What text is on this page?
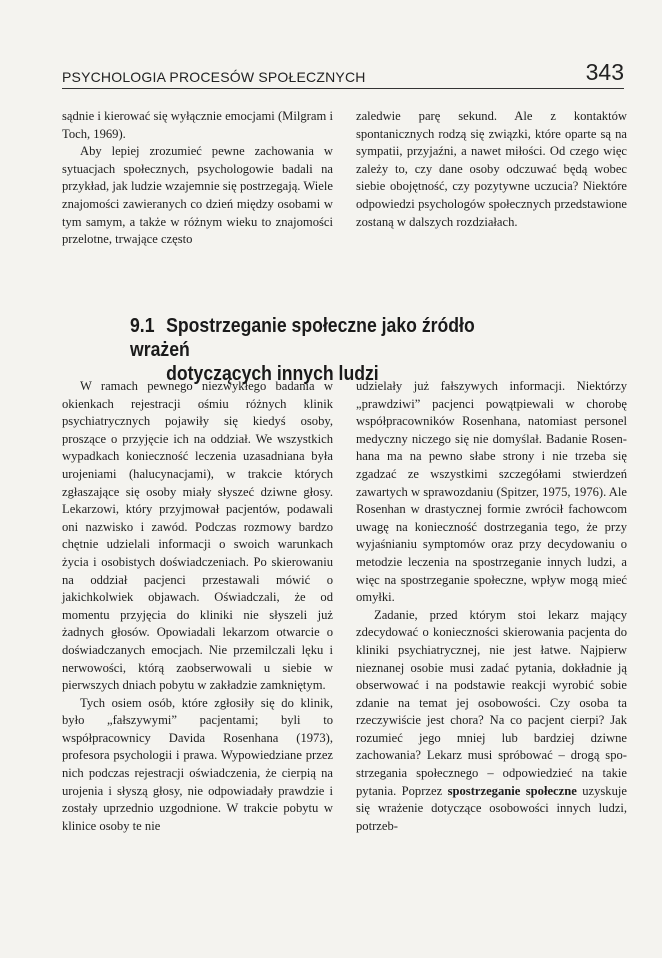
PSYCHOLOGIA PROCESÓW SPOŁECZNYCH	343

sądnie i kierować się wyłącznie emocjami (Milgram i Toch, 1969).

Aby lepiej zrozumieć pewne zachowania w sytuacjach społecznych, psychologowie badali na przykład, jak ludzie wzajemnie się postrzegają. Wiele znajomości zawieranych co dzień między osobami w tym samym, a także w różnym wieku to znajomości przelotne, trwające często

zaledwie parę sekund. Ale z kontaktów spontanicznych rodzą się związki, które oparte są na sympatii, przyjaźni, a nawet miłości. Od czego więc zależy to, czy dane osoby odczuwać będą wobec siebie obojętność, czy pozytywne uczucia? Niektóre odpowiedzi psychologów społecznych przedstawione zostaną w dalszych rozdziałach.

9.1 Spostrzeganie społeczne jako źródło wrażeń
dotyczących innych ludzi

W ramach pewnego niezwykłego badania w okienkach rejestracji ośmiu różnych klinik psychiatrycznych pojawiły się kiedyś osoby, proszące o przyjęcie ich na oddział. We wszystkich wypadkach konieczność leczenia uzasadniana była urojeniami (halucynacjami), w trakcie których zgłaszające się osoby miały słyszeć dziwne głosy. Lekarzowi, który przyjmował pacjentów, podawali oni nazwisko i zawód. Podczas rozmowy bardzo chętnie udzielali informacji o swoich warunkach życia i osobistych doświadczeniach. Po skierowaniu na oddział pacjenci przestawali mówić o jakichkolwiek objawach. Oświadczali, że od momentu przyjęcia do kliniki nie słyszeli już żadnych głosów. Opowiadali lekarzom otwarcie o doświadczanych emocjach. Nie przemilczali lęku i nerwowości, którą zaobserwowali u siebie w pierwszych dniach pobytu w zakładzie zamkniętym.

Tych osiem osób, które zgłosiły się do klinik, było „fałszywymi” pacjentami; byli to współpracownicy Davida Rosenhana (1973), profesora psychologii i prawa. Wypowiedziane przez nich podczas rejestracji oświadczenia, że cierpią na urojenia i słyszą głosy, nie odpowiadały prawdzie i zostały uprzednio uzgodnione. W trakcie pobytu w klinice osoby te nie

udzielały już fałszywych informacji. Niektórzy „prawdziwi” pacjenci powątpiewali w chorobę współpracowników Rosenhana, natomiast personel medyczny niczego się nie domyślał. Badanie Rosenhana ma na pewno słabe strony i nie trzeba się zgadzać ze wszystkimi szczegółami stwierdzeń zawartych w sprawozdaniu (Spitzer, 1975, 1976). Ale Rosenhan w drastycznej formie zwrócił fachowcom uwagę na konieczność dostrzegania tego, że przy wyjaśnianiu symptomów oraz przy decydowaniu o metodzie leczenia na spostrzeganie innych ludzi, a więc na spostrzeganie społeczne, wpływ mogą mieć omyłki.

Zadanie, przed którym stoi lekarz mający zdecydować o konieczności skierowania pacjenta do kliniki psychiatrycznej, nie jest łatwe. Najpierw nieznanej osobie musi zadać pytania, dokładnie ją obserwować i na podstawie reakcji wyrobić sobie zdanie na temat jej osobowości. Czy osoba ta rzeczywiście jest chora? Na co pacjent cierpi? Jak rozumieć jego mniej lub bardziej dziwne zachowania? Lekarz musi spróbować – drogą spostrzegania społecznego – odpowiedzieć na takie pytania. Poprzez spostrzeganie społeczne uzyskuje się wrażenie dotyczące osobowości innych ludzi, potrzeb-
